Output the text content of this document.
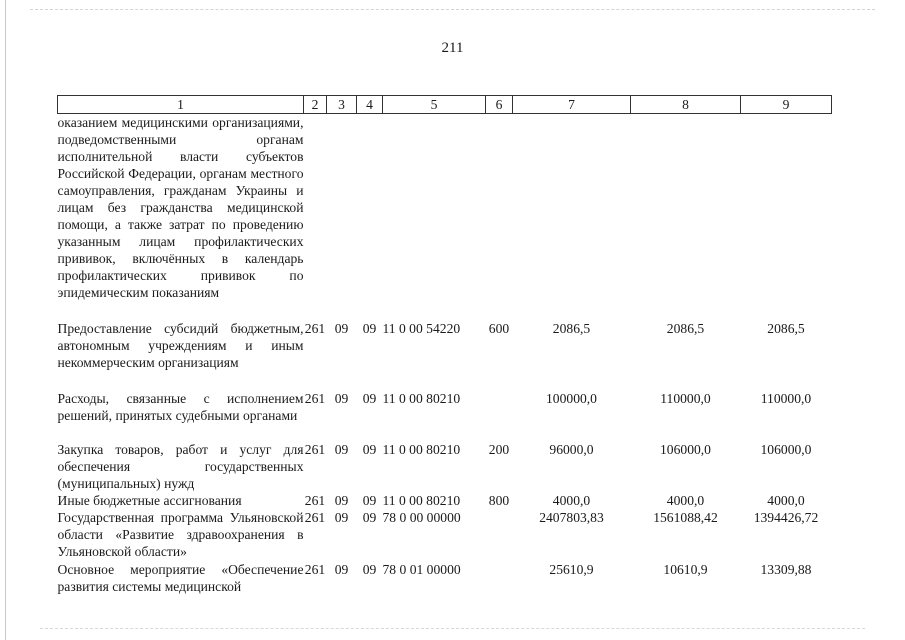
211
1	2	3	4	5	6	7	8	9
оказанием медицинскими организациями, подведомственными органам исполнительной власти субъектов Российской Федерации, органам местного самоуправления, гражданам Украины и лицам без гражданства медицинской помощи, а также затрат по проведению указанным лицам профилактических прививок, включённых в календарь профилактических прививок по эпидемическим показаниям								
Предоставление субсидий бюджетным, автономным учреждениям и иным некоммерческим организациям	261	09	09	11 0 00 54220	600	2086,5	2086,5	2086,5
Расходы, связанные с исполнением решений, принятых судебными органами	261	09	09	11 0 00 80210		100000,0	110000,0	110000,0
Закупка товаров, работ и услуг для обеспечения государственных (муниципальных) нужд	261	09	09	11 0 00 80210	200	96000,0	106000,0	106000,0
Иные бюджетные ассигнования	261	09	09	11 0 00 80210	800	4000,0	4000,0	4000,0
Государственная программа Ульяновской области «Развитие здравоохранения в Ульяновской области»	261	09	09	78 0 00 00000		2407803,83	1561088,42	1394426,72
Основное мероприятие «Обеспечение развития системы медицинской	261	09	09	78 0 01 00000		25610,9	10610,9	13309,88
